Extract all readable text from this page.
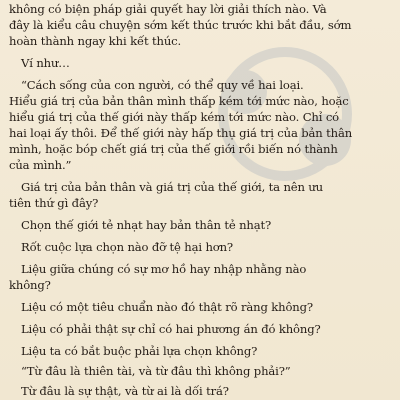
không có biện pháp giải quyết hay lời giải thích nào. Và
đây là kiểu câu chuyện sớm kết thúc trước khi bắt đầu, sớm
hoàn thành ngay khi kết thúc.
Ví như…
“Cách sống của con người, có thể quy về hai loại.
Hiểu giá trị của bản thân mình thấp kém tới mức nào, hoặc
hiểu giá trị của thế giới này thấp kém tới mức nào. Chỉ có
hai loại ấy thôi. Để thế giới này hấp thụ giá trị của bản thân
mình, hoặc bóp chết giá trị của thế giới rồi biến nó thành
của mình.”
Giá trị của bản thân và giá trị của thế giới, ta nên ưu
tiên thứ gì đây?
Chọn thế giới tẻ nhạt hay bản thân tẻ nhạt?
Rốt cuộc lựa chọn nào đỡ tệ hại hơn?
Liệu giữa chúng có sự mơ hồ hay nhập nhằng nào
không?
Liệu có một tiêu chuẩn nào đó thật rõ ràng không?
Liệu có phải thật sự chỉ có hai phương án đó không?
Liệu ta có bắt buộc phải lựa chọn không?
“Từ đâu là thiên tài, và từ đâu thì không phải?”
Từ đâu là sự thật, và từ ai là dối trá?
